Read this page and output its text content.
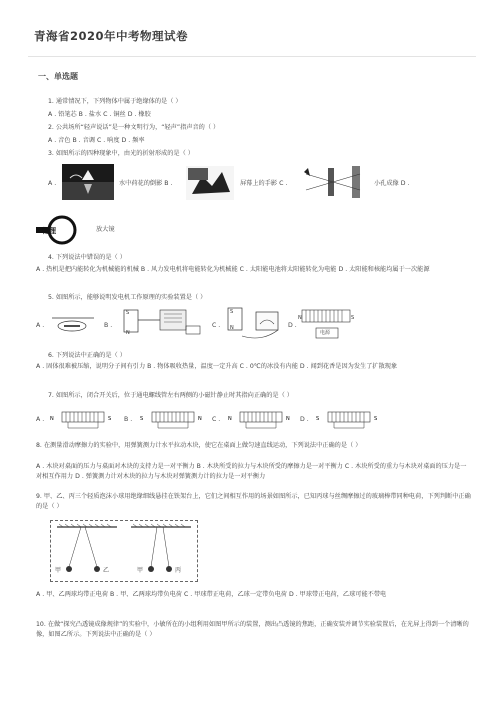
青海省2020年中考物理试卷
一、单选题
1. 通常情况下，下列物体中属于绝缘体的是（ ）
A . 铅笔芯 B . 盐水 C . 铜丝 D . 橡胶
2. 公共场所“轻声说话”是一种文明行为，“轻声”指声音的（ ）
A . 音色 B . 音调 C . 响度 D . 频率
3. 如图所示的四种现象中，由光的折射形成的是（ ）
A .	水中荷花的倒影 B .	屏幕上的手影 C .	小孔成像 D .
物理	放大镜
4. 下列说法中错误的是（ ）
A . 热机是把内能转化为机械能的机械 B . 风力发电机将电能转化为机械能 C . 太阳能电池将太阳能转化为电能 D . 太阳能和核能均属于一次能源
5. 如图所示，能够说明发电机工作原理的实验装置是（ ）
A .	B .
S
N
C .
S
N	D .
N	S
电源
6. 下列说法中正确的是（ ）
A . 固体很难被压缩，说明分子间有引力 B . 物体吸收热量，温度一定升高 C . 0℃的冰没有内能 D . 闻到花香是因为发生了扩散现象
7. 如图所示，闭合开关后，位于通电螺线管左右两侧的小磁针静止时其指向正确的是（ ）
A .	B .	C .	D .
N	S	S	N	N	N	S	S
8. 在测量滑动摩擦力的实验中，用弹簧测力计水平拉动木块，使它在桌面上做匀速直线运动，下列说法中正确的是（ ）
A . 木块对桌面的压力与桌面对木块的支持力是一对平衡力 B . 木块所受的拉力与木块所受的摩擦力是一对平衡力 C . 木块所受的重力与木块对桌面的压力是一对相互作用力 D . 弹簧测力计对木块的拉力与木块对弹簧测力计的拉力是一对平衡力
9. 甲、乙、丙三个轻质泡沫小球用绝缘细线悬挂在铁架台上，它们之间相互作用的场景如图所示，已知丙球与丝绸摩擦过的玻璃棒带同种电荷，下列判断中正确的是（ ）
甲	乙	甲	丙
A . 甲、乙两球均带正电荷 B . 甲、乙两球均带负电荷 C . 甲球带正电荷，乙球一定带负电荷 D . 甲球带正电荷，乙球可能不带电
10. 在做“探究凸透镜成像规律”的实验中，小敏所在的小组利用如图甲所示的装置，测出凸透镜的焦距，正确安装并调节实验装置后，在光屏上得到一个清晰的像，如图乙所示。下列说法中正确的是（ ）
